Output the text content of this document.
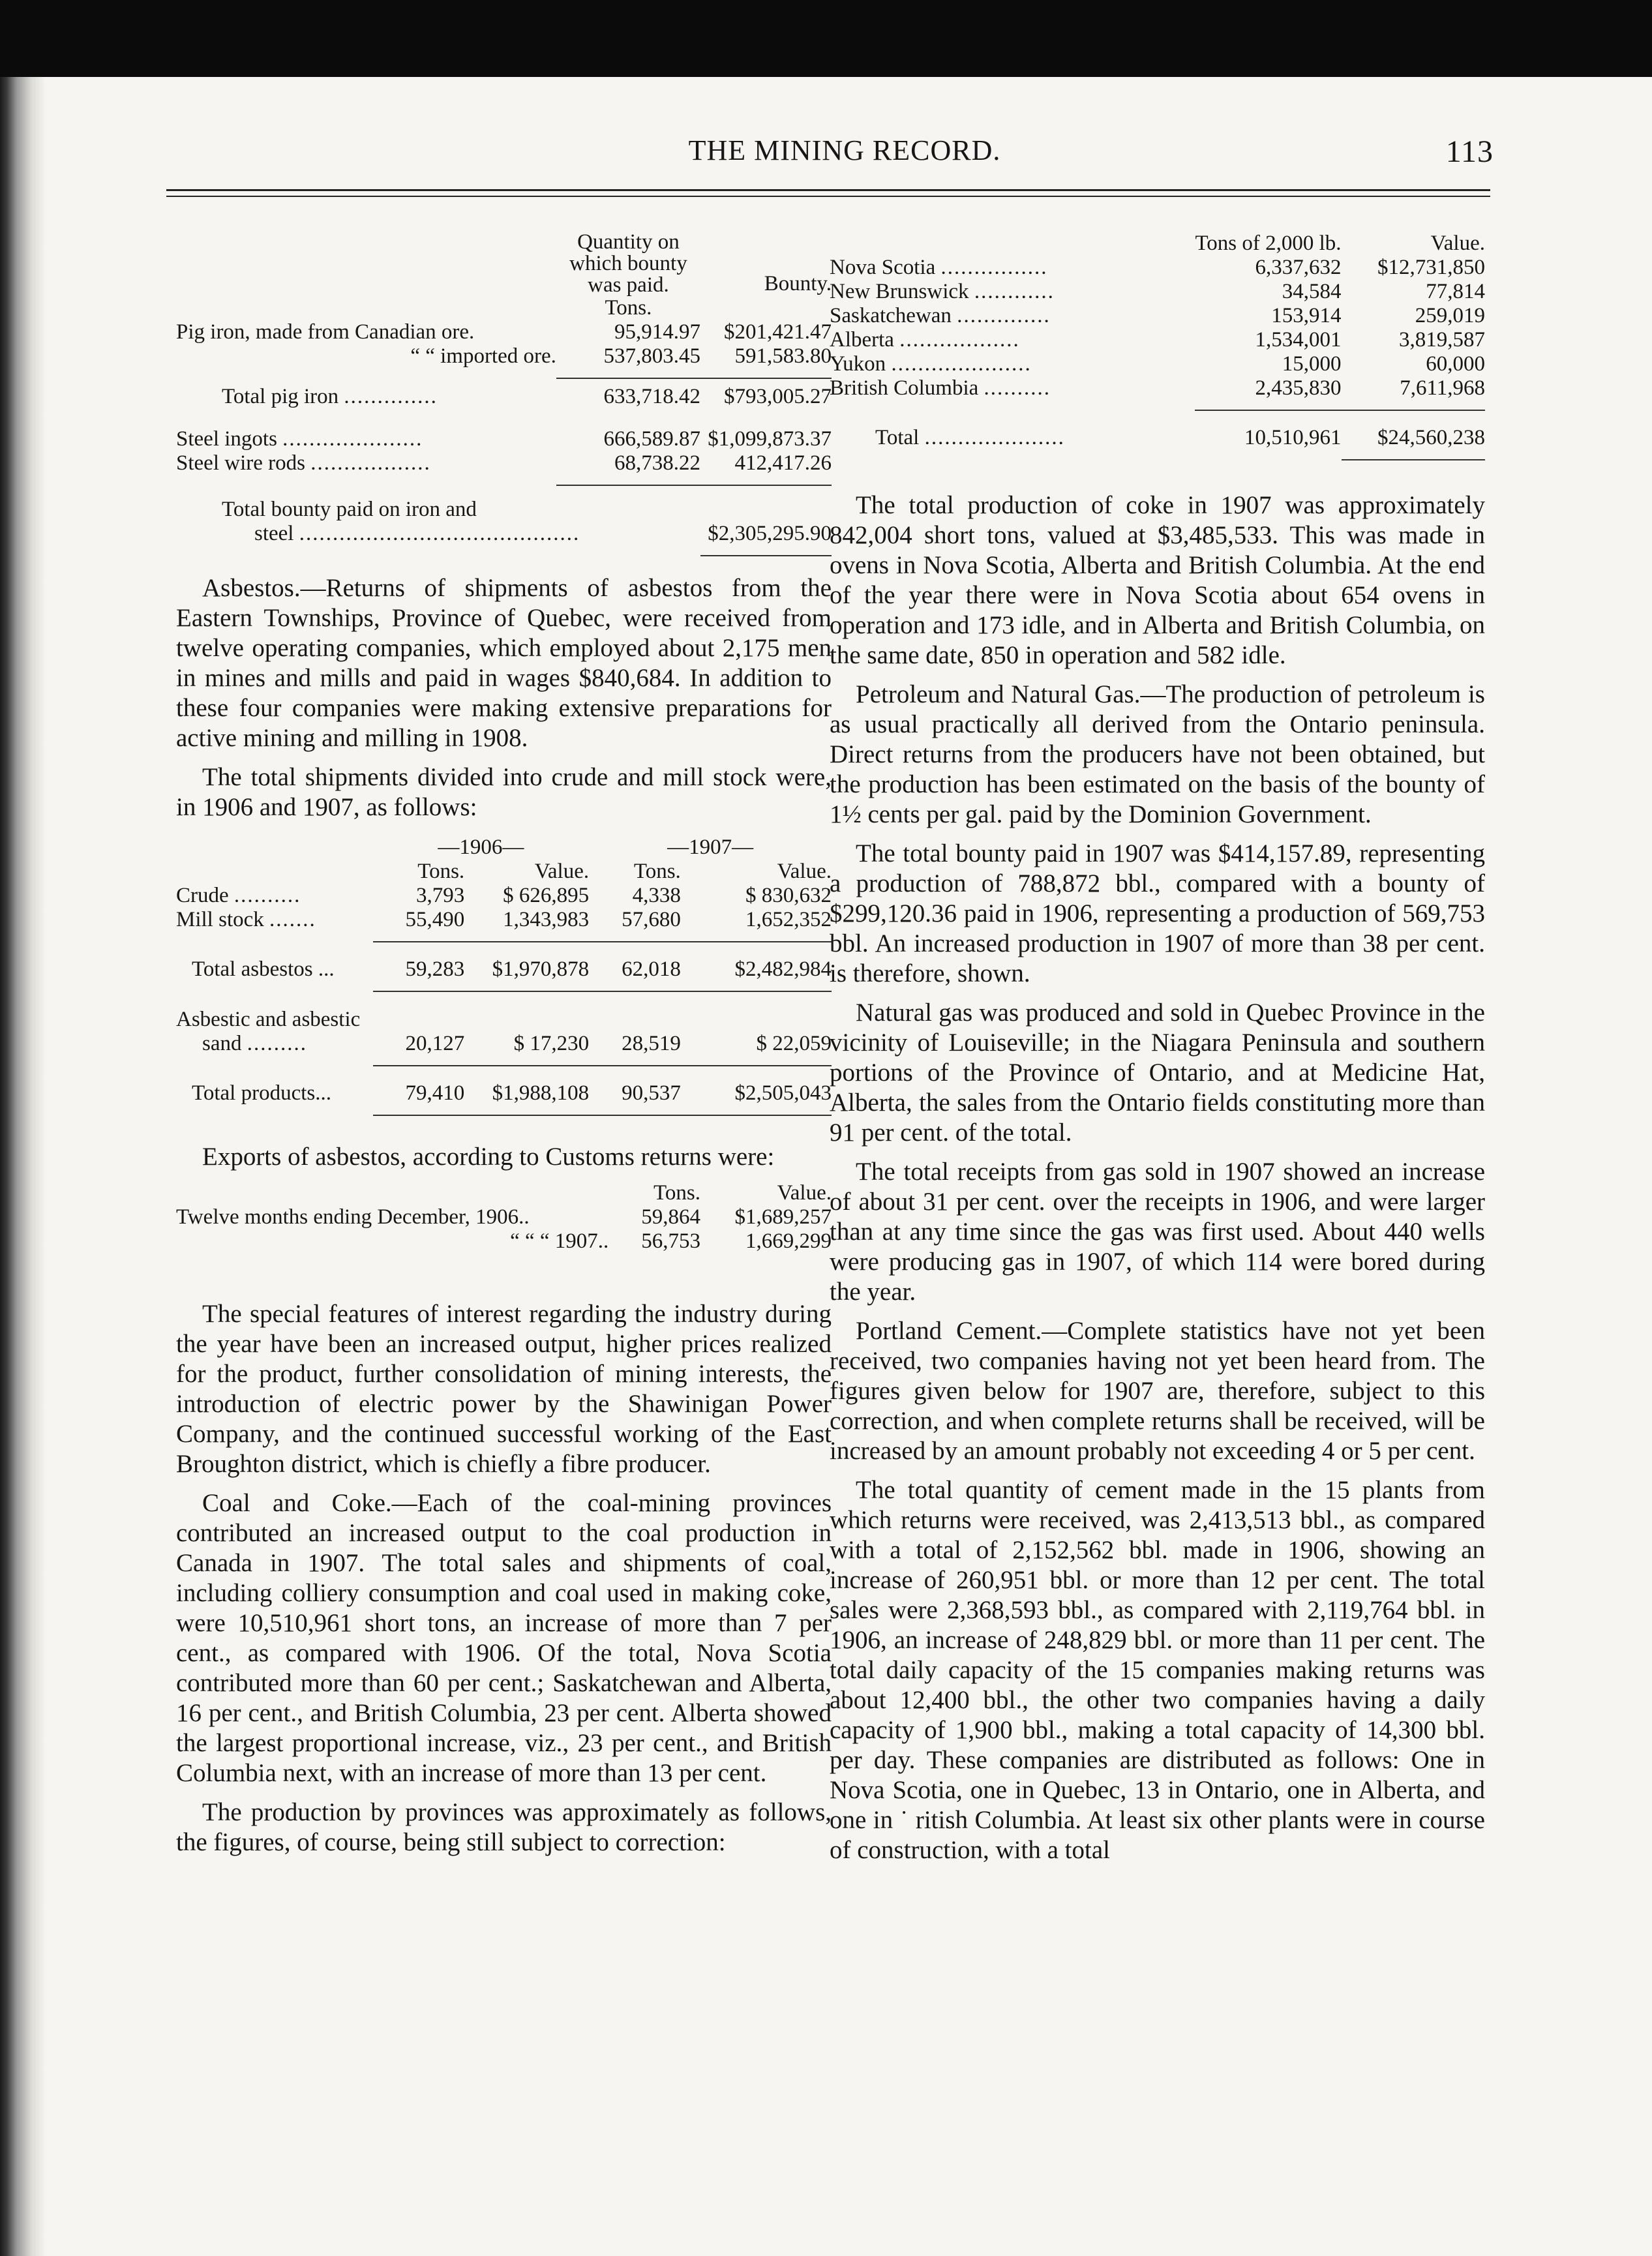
THE MINING RECORD.	113
	Quantity on which bounty was paid.	Bounty.
	Tons.	
Pig iron, made from Canadian ore.	95,914.97	$201,421.47
“ “ imported ore.	537,803.45	591,583.80

Total pig iron ..............	633,718.42	$793,005.27

Steel ingots .....................	666,589.87	$1,099,873.37
Steel wire rods ..................	68,738.22	412,417.26

Total bounty paid on iron and		
steel ..........................................		$2,305,295.90

Asbestos.—Returns of shipments of asbestos from the Eastern Townships, Province of Quebec, were received from twelve operating companies, which employed about 2,175 men in mines and mills and paid in wages $840,684. In addition to these four companies were making extensive preparations for active mining and milling in 1908.

The total shipments divided into crude and mill stock were, in 1906 and 1907, as follows:

	—1906—		—1907—	
	Tons.	Value.	Tons.	Value.
Crude ..........	3,793	$ 626,895	4,338	$ 830,632
Mill stock .......	55,490	1,343,983	57,680	1,652,352

Total asbestos ...	59,283	$1,970,878	62,018	$2,482,984

Asbestic and asbestic				
sand .........	20,127	$ 17,230	28,519	$ 22,059

Total products...	79,410	$1,988,108	90,537	$2,505,043

Exports of asbestos, according to Customs returns were:

	Tons.	Value.
Twelve months ending December, 1906..	59,864	$1,689,257
“ “ “ 1907..	56,753	1,669,299

The special features of interest regarding the industry during the year have been an increased output, higher prices realized for the product, further consolidation of mining interests, the introduction of electric power by the Shawinigan Power Company, and the continued successful working of the East Broughton district, which is chiefly a fibre producer.

Coal and Coke.—Each of the coal-mining provinces contributed an increased output to the coal production in Canada in 1907. The total sales and shipments of coal, including colliery consumption and coal used in making coke, were 10,510,961 short tons, an increase of more than 7 per cent., as compared with 1906. Of the total, Nova Scotia contributed more than 60 per cent.; Saskatchewan and Alberta, 16 per cent., and British Columbia, 23 per cent. Alberta showed the largest proportional increase, viz., 23 per cent., and British Columbia next, with an increase of more than 13 per cent.

The production by provinces was approximately as follows, the figures, of course, being still subject to correction:

	Tons of 2,000 lb.	Value.
Nova Scotia ................	6,337,632	$12,731,850
New Brunswick ............	34,584	77,814
Saskatchewan ..............	153,914	259,019
Alberta ..................	1,534,001	3,819,587
Yukon .....................	15,000	60,000
British Columbia ..........	2,435,830	7,611,968

Total .....................	10,510,961	$24,560,238

The total production of coke in 1907 was approximately 842,004 short tons, valued at $3,485,533. This was made in ovens in Nova Scotia, Alberta and British Columbia. At the end of the year there were in Nova Scotia about 654 ovens in operation and 173 idle, and in Alberta and British Columbia, on the same date, 850 in operation and 582 idle.

Petroleum and Natural Gas.—The production of petroleum is as usual practically all derived from the Ontario peninsula. Direct returns from the producers have not been obtained, but the production has been estimated on the basis of the bounty of 1½ cents per gal. paid by the Dominion Government.

The total bounty paid in 1907 was $414,157.89, representing a production of 788,872 bbl., compared with a bounty of $299,120.36 paid in 1906, representing a production of 569,753 bbl. An increased production in 1907 of more than 38 per cent. is therefore, shown.

Natural gas was produced and sold in Quebec Province in the vicinity of Louiseville; in the Niagara Peninsula and southern portions of the Province of Ontario, and at Medicine Hat, Alberta, the sales from the Ontario fields constituting more than 91 per cent. of the total.

The total receipts from gas sold in 1907 showed an increase of about 31 per cent. over the receipts in 1906, and were larger than at any time since the gas was first used. About 440 wells were producing gas in 1907, of which 114 were bored during the year.

Portland Cement.—Complete statistics have not yet been received, two companies having not yet been heard from. The figures given below for 1907 are, therefore, subject to this correction, and when complete returns shall be received, will be increased by an amount probably not exceeding 4 or 5 per cent.

The total quantity of cement made in the 15 plants from which returns were received, was 2,413,513 bbl., as compared with a total of 2,152,562 bbl. made in 1906, showing an increase of 260,951 bbl. or more than 12 per cent. The total sales were 2,368,593 bbl., as compared with 2,119,764 bbl. in 1906, an increase of 248,829 bbl. or more than 11 per cent. The total daily capacity of the 15 companies making returns was about 12,400 bbl., the other two companies having a daily capacity of 1,900 bbl., making a total capacity of 14,300 bbl. per day. These companies are distributed as follows: One in Nova Scotia, one in Quebec, 13 in Ontario, one in Alberta, and one in ˙ ritish Columbia. At least six other plants were in course of construction, with a total
